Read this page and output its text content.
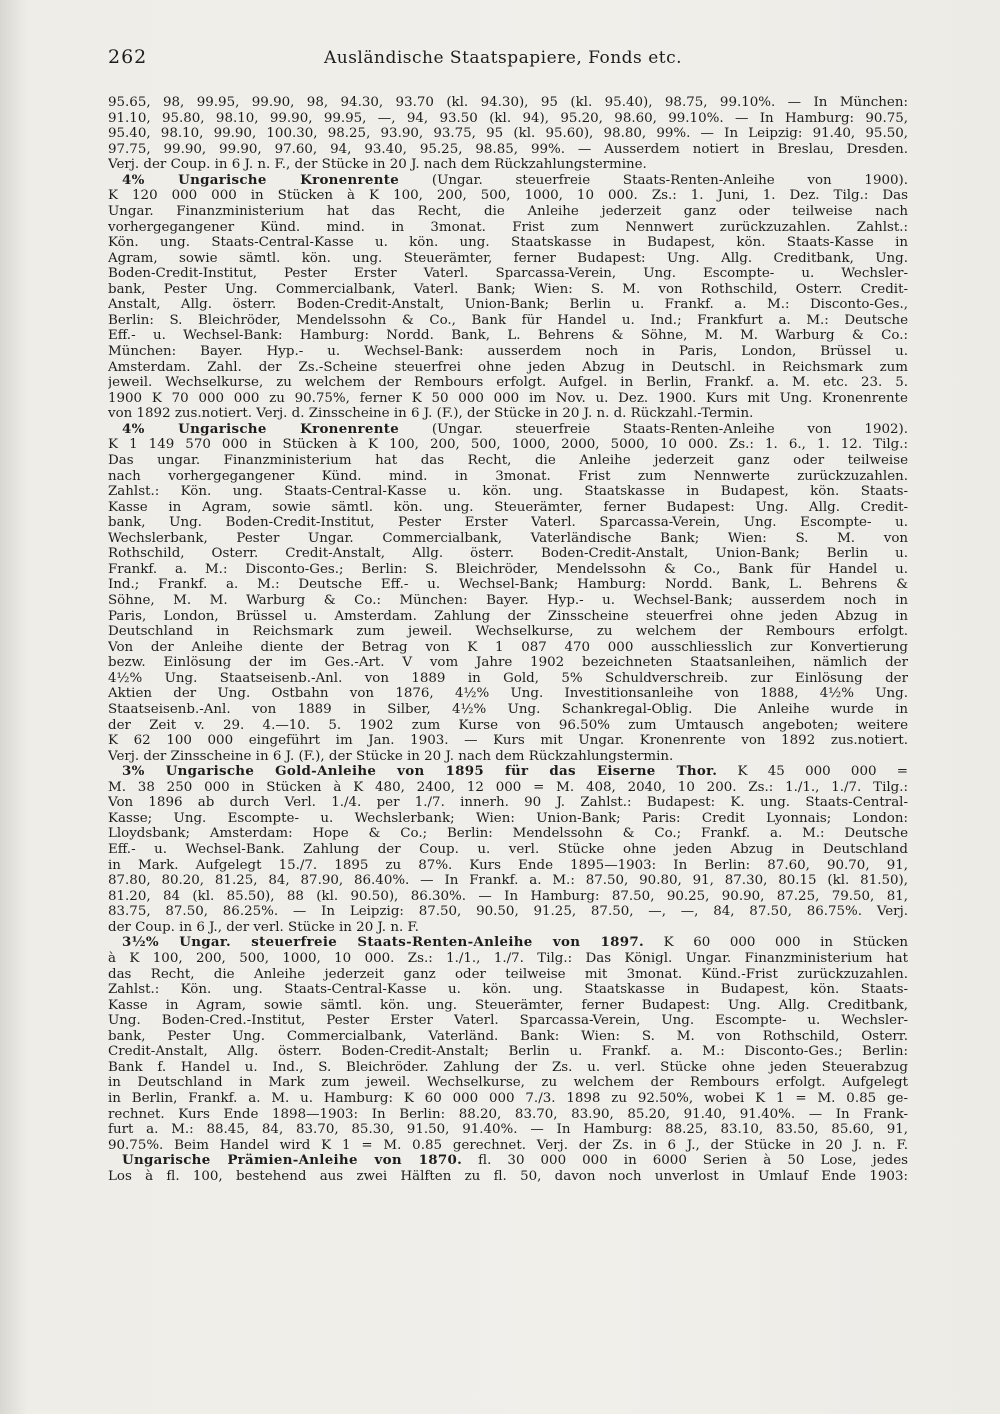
262	Ausländische Staatspapiere, Fonds etc.
95.65, 98, 99.95, 99.90, 98, 94.30, 93.70 (kl. 94.30), 95 (kl. 95.40), 98.75, 99.10%. — In München:
91.10, 95.80, 98.10, 99.90, 99.95, —, 94, 93.50 (kl. 94), 95.20, 98.60, 99.10%. — In Hamburg: 90.75,
95.40, 98.10, 99.90, 100.30, 98.25, 93.90, 93.75, 95 (kl. 95.60), 98.80, 99%. — In Leipzig: 91.40, 95.50,
97.75, 99.90, 99.90, 97.60, 94, 93.40, 95.25, 98.85, 99%. — Ausserdem notiert in Breslau, Dresden.
Verj. der Coup. in 6 J. n. F., der Stücke in 20 J. nach dem Rückzahlungstermine.
4% Ungarische Kronenrente (Ungar. steuerfreie Staats-Renten-Anleihe von 1900).
K 120 000 000 in Stücken à K 100, 200, 500, 1000, 10 000. Zs.: 1. Juni, 1. Dez. Tilg.: Das
Ungar. Finanzministerium hat das Recht, die Anleihe jederzeit ganz oder teilweise nach
vorhergegangener Künd. mind. in 3monat. Frist zum Nennwert zurückzuzahlen. Zahlst.:
Kön. ung. Staats-Central-Kasse u. kön. ung. Staatskasse in Budapest, kön. Staats-Kasse in
Agram, sowie sämtl. kön. ung. Steuerämter, ferner Budapest: Ung. Allg. Creditbank, Ung.
Boden-Credit-Institut, Pester Erster Vaterl. Sparcassa-Verein, Ung. Escompte- u. Wechsler-
bank, Pester Ung. Commercialbank, Vaterl. Bank; Wien: S. M. von Rothschild, Österr. Credit-
Anstalt, Allg. österr. Boden-Credit-Anstalt, Union-Bank; Berlin u. Frankf. a. M.: Disconto-Ges.,
Berlin: S. Bleichröder, Mendelssohn & Co., Bank für Handel u. Ind.; Frankfurt a. M.: Deutsche
Eff.- u. Wechsel-Bank: Hamburg: Nordd. Bank, L. Behrens & Söhne, M. M. Warburg & Co.:
München: Bayer. Hyp.- u. Wechsel-Bank: ausserdem noch in Paris, London, Brüssel u.
Amsterdam. Zahl. der Zs.-Scheine steuerfrei ohne jeden Abzug in Deutschl. in Reichsmark zum
jeweil. Wechselkurse, zu welchem der Rembours erfolgt. Aufgel. in Berlin, Frankf. a. M. etc. 23. 5.
1900 K 70 000 000 zu 90.75%, ferner K 50 000 000 im Nov. u. Dez. 1900. Kurs mit Ung. Kronenrente
von 1892 zus.notiert. Verj. d. Zinsscheine in 6 J. (F.), der Stücke in 20 J. n. d. Rückzahl.-Termin.
4% Ungarische Kronenrente (Ungar. steuerfreie Staats-Renten-Anleihe von 1902).
K 1 149 570 000 in Stücken à K 100, 200, 500, 1000, 2000, 5000, 10 000. Zs.: 1. 6., 1. 12. Tilg.:
Das ungar. Finanzministerium hat das Recht, die Anleihe jederzeit ganz oder teilweise
nach vorhergegangener Künd. mind. in 3monat. Frist zum Nennwerte zurückzuzahlen.
Zahlst.: Kön. ung. Staats-Central-Kasse u. kön. ung. Staatskasse in Budapest, kön. Staats-
Kasse in Agram, sowie sämtl. kön. ung. Steuerämter, ferner Budapest: Ung. Allg. Credit-
bank, Ung. Boden-Credit-Institut, Pester Erster Vaterl. Sparcassa-Verein, Ung. Escompte- u.
Wechslerbank, Pester Ungar. Commercialbank, Vaterländische Bank; Wien: S. M. von
Rothschild, Österr. Credit-Anstalt, Allg. österr. Boden-Credit-Anstalt, Union-Bank; Berlin u.
Frankf. a. M.: Disconto-Ges.; Berlin: S. Bleichröder, Mendelssohn & Co., Bank für Handel u.
Ind.; Frankf. a. M.: Deutsche Eff.- u. Wechsel-Bank; Hamburg: Nordd. Bank, L. Behrens &
Söhne, M. M. Warburg & Co.: München: Bayer. Hyp.- u. Wechsel-Bank; ausserdem noch in
Paris, London, Brüssel u. Amsterdam. Zahlung der Zinsscheine steuerfrei ohne jeden Abzug in
Deutschland in Reichsmark zum jeweil. Wechselkurse, zu welchem der Rembours erfolgt.
Von der Anleihe diente der Betrag von K 1 087 470 000 ausschliesslich zur Konvertierung
bezw. Einlösung der im Ges.-Art. V vom Jahre 1902 bezeichneten Staatsanleihen, nämlich der
4½% Ung. Staatseisenb.-Anl. von 1889 in Gold, 5% Schuldverschreib. zur Einlösung der
Aktien der Ung. Ostbahn von 1876, 4½% Ung. Investitionsanleihe von 1888, 4½% Ung.
Staatseisenb.-Anl. von 1889 in Silber, 4½% Ung. Schankregal-Oblig. Die Anleihe wurde in
der Zeit v. 29. 4.—10. 5. 1902 zum Kurse von 96.50% zum Umtausch angeboten; weitere
K 62 100 000 eingeführt im Jan. 1903. — Kurs mit Ungar. Kronenrente von 1892 zus.notiert.
Verj. der Zinsscheine in 6 J. (F.), der Stücke in 20 J. nach dem Rückzahlungstermin.
3% Ungarische Gold-Anleihe von 1895 für das Eiserne Thor. K 45 000 000 =
M. 38 250 000 in Stücken à K 480, 2400, 12 000 = M. 408, 2040, 10 200. Zs.: 1./1., 1./7. Tilg.:
Von 1896 ab durch Verl. 1./4. per 1./7. innerh. 90 J. Zahlst.: Budapest: K. ung. Staats-Central-
Kasse; Ung. Escompte- u. Wechslerbank; Wien: Union-Bank; Paris: Credit Lyonnais; London:
Lloydsbank; Amsterdam: Hope & Co.; Berlin: Mendelssohn & Co.; Frankf. a. M.: Deutsche
Eff.- u. Wechsel-Bank. Zahlung der Coup. u. verl. Stücke ohne jeden Abzug in Deutschland
in Mark. Aufgelegt 15./7. 1895 zu 87%. Kurs Ende 1895—1903: In Berlin: 87.60, 90.70, 91,
87.80, 80.20, 81.25, 84, 87.90, 86.40%. — In Frankf. a. M.: 87.50, 90.80, 91, 87.30, 80.15 (kl. 81.50),
81.20, 84 (kl. 85.50), 88 (kl. 90.50), 86.30%. — In Hamburg: 87.50, 90.25, 90.90, 87.25, 79.50, 81,
83.75, 87.50, 86.25%. — In Leipzig: 87.50, 90.50, 91.25, 87.50, —, —, 84, 87.50, 86.75%. Verj.
der Coup. in 6 J., der verl. Stücke in 20 J. n. F.
3½% Ungar. steuerfreie Staats-Renten-Anleihe von 1897. K 60 000 000 in Stücken
à K 100, 200, 500, 1000, 10 000. Zs.: 1./1., 1./7. Tilg.: Das Königl. Ungar. Finanzministerium hat
das Recht, die Anleihe jederzeit ganz oder teilweise mit 3monat. Künd.-Frist zurückzuzahlen.
Zahlst.: Kön. ung. Staats-Central-Kasse u. kön. ung. Staatskasse in Budapest, kön. Staats-
Kasse in Agram, sowie sämtl. kön. ung. Steuerämter, ferner Budapest: Ung. Allg. Creditbank,
Ung. Boden-Cred.-Institut, Pester Erster Vaterl. Sparcassa-Verein, Ung. Escompte- u. Wechsler-
bank, Pester Ung. Commercialbank, Vaterländ. Bank: Wien: S. M. von Rothschild, Österr.
Credit-Anstalt, Allg. österr. Boden-Credit-Anstalt; Berlin u. Frankf. a. M.: Disconto-Ges.; Berlin:
Bank f. Handel u. Ind., S. Bleichröder. Zahlung der Zs. u. verl. Stücke ohne jeden Steuerabzug
in Deutschland in Mark zum jeweil. Wechselkurse, zu welchem der Rembours erfolgt. Aufgelegt
in Berlin, Frankf. a. M. u. Hamburg: K 60 000 000 7./3. 1898 zu 92.50%, wobei K 1 = M. 0.85 ge-
rechnet. Kurs Ende 1898—1903: In Berlin: 88.20, 83.70, 83.90, 85.20, 91.40, 91.40%. — In Frank-
furt a. M.: 88.45, 84, 83.70, 85.30, 91.50, 91.40%. — In Hamburg: 88.25, 83.10, 83.50, 85.60, 91,
90.75%. Beim Handel wird K 1 = M. 0.85 gerechnet. Verj. der Zs. in 6 J., der Stücke in 20 J. n. F.
Ungarische Prämien-Anleihe von 1870. fl. 30 000 000 in 6000 Serien à 50 Lose, jedes
Los à fl. 100, bestehend aus zwei Hälften zu fl. 50, davon noch unverlost in Umlauf Ende 1903:
